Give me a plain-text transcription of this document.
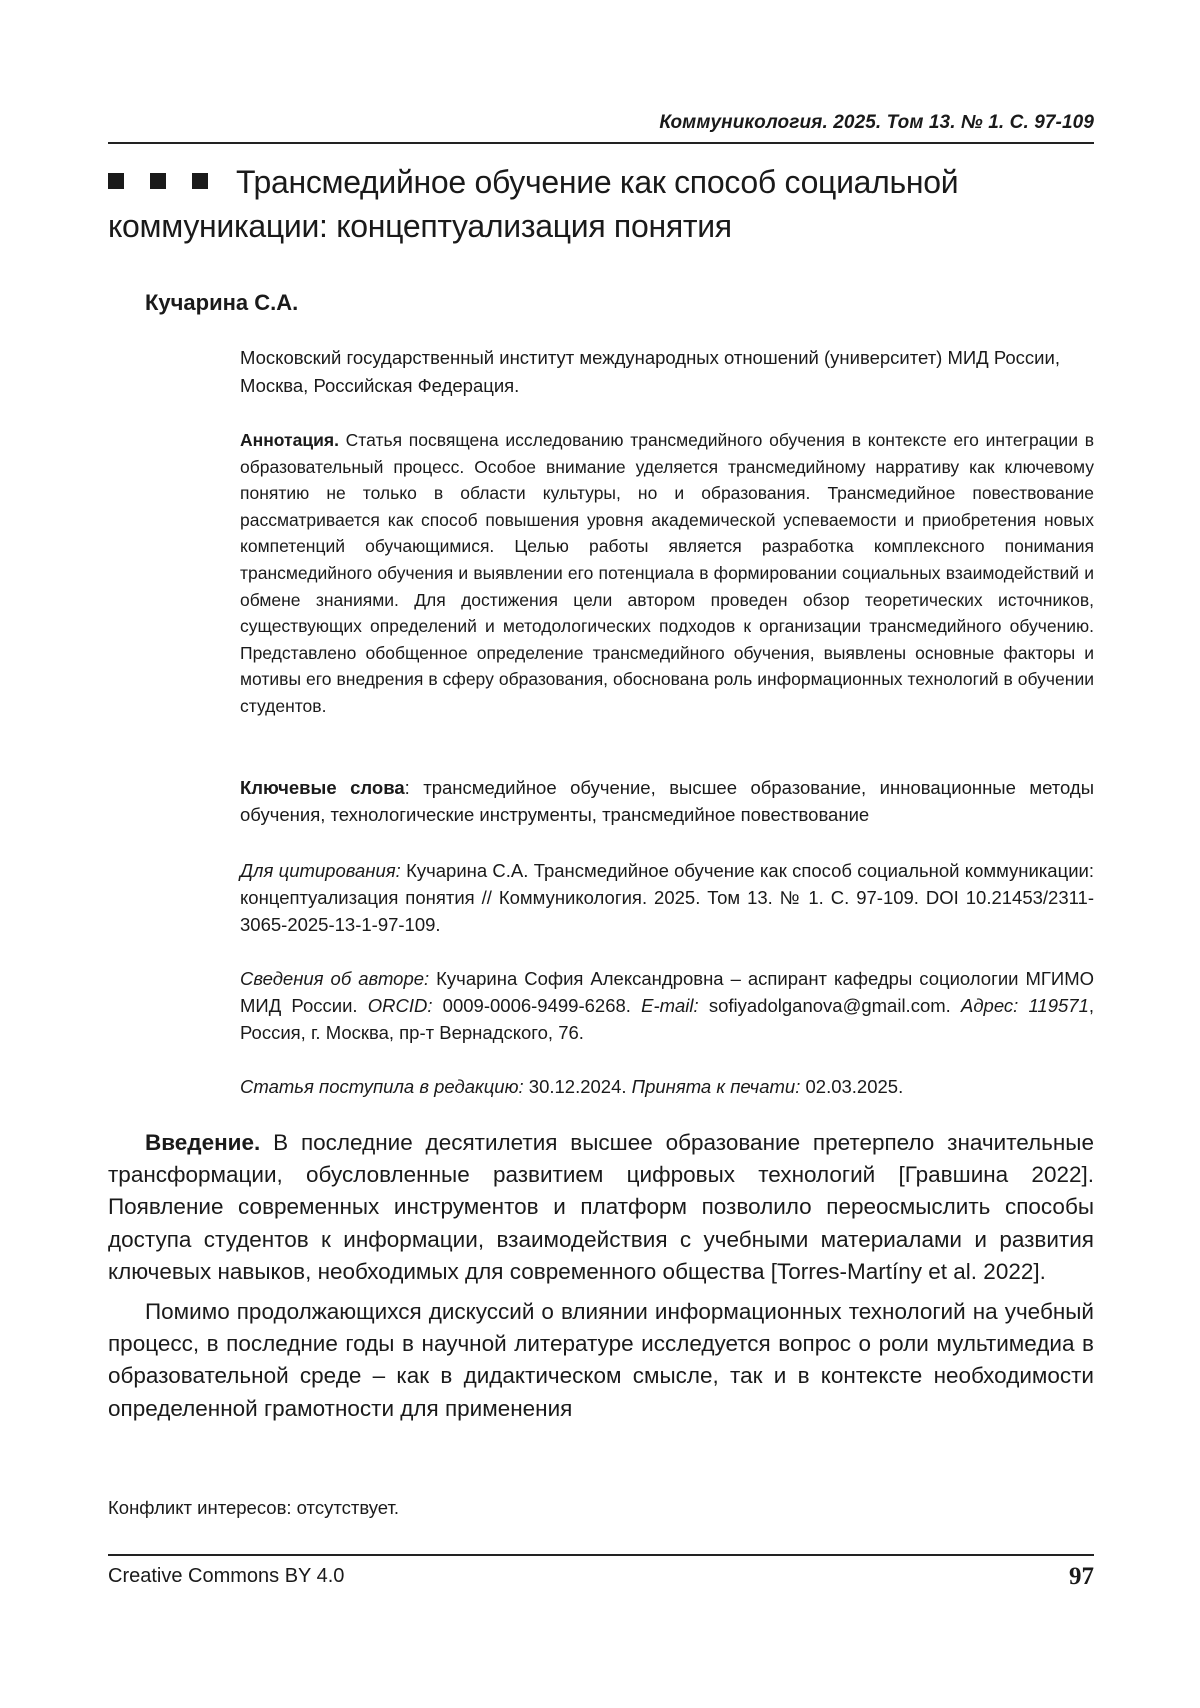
Коммуникология. 2025. Том 13. № 1. С. 97-109
Трансмедийное обучение как способ социальной коммуникации: концептуализация понятия
Кучарина С.А.
Московский государственный институт международных отношений (университет) МИД России, Москва, Российская Федерация.
Аннотация. Статья посвящена исследованию трансмедийного обучения в контексте его интеграции в образовательный процесс. Особое внимание уделяется трансмедийному нарративу как ключевому понятию не только в области культуры, но и образования. Трансмедийное повествование рассматривается как способ повышения уровня академической успеваемости и приобретения новых компетенций обучающимися. Целью работы является разработка комплексного понимания трансмедийного обучения и выявлении его потенциала в формировании социальных взаимодействий и обмене знаниями. Для достижения цели автором проведен обзор теоретических источников, существующих определений и методологических подходов к организации трансмедийного обучению. Представлено обобщенное определение трансмедийного обучения, выявлены основные факторы и мотивы его внедрения в сферу образования, обоснована роль информационных технологий в обучении студентов.
Ключевые слова: трансмедийное обучение, высшее образование, инновационные методы обучения, технологические инструменты, трансмедийное повествование
Для цитирования: Кучарина С.А. Трансмедийное обучение как способ социальной коммуникации: концептуализация понятия // Коммуникология. 2025. Том 13. № 1. С. 97-109. DOI 10.21453/2311-3065-2025-13-1-97-109.
Сведения об авторе: Кучарина София Александровна – аспирант кафедры социологии МГИМО МИД России. ORCID: 0009-0006-9499-6268. E-mail: sofiyadolganova@gmail.com. Адрес: 119571, Россия, г. Москва, пр-т Вернадского, 76.
Статья поступила в редакцию: 30.12.2024. Принята к печати: 02.03.2025.

Введение. В последние десятилетия высшее образование претерпело значительные трансформации, обусловленные развитием цифровых технологий [Гравшина 2022]. Появление современных инструментов и платформ позволило переосмыслить способы доступа студентов к информации, взаимодействия с учебными материалами и развития ключевых навыков, необходимых для современного общества [Torres-Martíny et al. 2022].

Помимо продолжающихся дискуссий о влиянии информационных технологий на учебный процесс, в последние годы в научной литературе исследуется вопрос о роли мультимедиа в образовательной среде – как в дидактическом смысле, так и в контексте необходимости определенной грамотности для применения

Конфликт интересов: отсутствует.
Creative Commons BY 4.0	97
